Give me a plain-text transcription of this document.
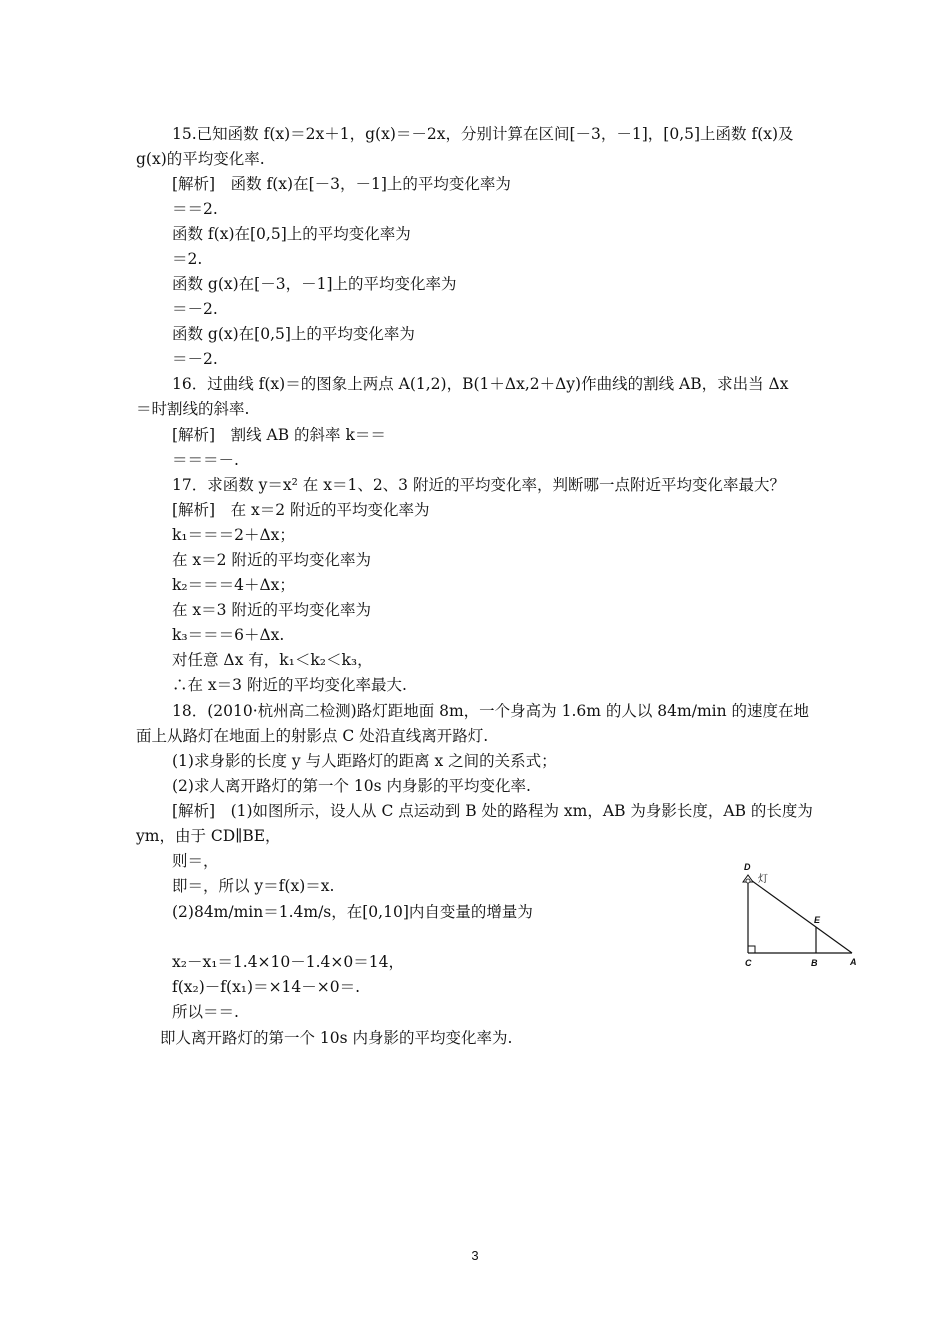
15.已知函数 f(x)＝2x＋1，g(x)＝－2x，分别计算在区间[－3，－1]，[0,5]上函数 f(x)及
g(x)的平均变化率.
[解析]　函数 f(x)在[－3，－1]上的平均变化率为
＝＝2.
函数 f(x)在[0,5]上的平均变化率为
＝2.
函数 g(x)在[－3，－1]上的平均变化率为
＝－2.
函数 g(x)在[0,5]上的平均变化率为
＝－2.
16．过曲线 f(x)＝的图象上两点 A(1,2)，B(1＋Δx,2＋Δy)作曲线的割线 AB，求出当 Δx
＝时割线的斜率.
[解析]　割线 AB 的斜率 k＝＝
＝＝＝－.
17．求函数 y＝x² 在 x＝1、2、3 附近的平均变化率，判断哪一点附近平均变化率最大？
[解析]　在 x＝2 附近的平均变化率为
k₁＝＝＝2＋Δx；
在 x＝2 附近的平均变化率为
k₂＝＝＝4＋Δx；
在 x＝3 附近的平均变化率为
k₃＝＝＝6＋Δx.
对任意 Δx 有，k₁＜k₂＜k₃，
∴在 x＝3 附近的平均变化率最大.
18．(2010·杭州高二检测)路灯距地面 8m，一个身高为 1.6m 的人以 84m/min 的速度在地
面上从路灯在地面上的射影点 C 处沿直线离开路灯.
(1)求身影的长度 y 与人距路灯的距离 x 之间的关系式；
(2)求人离开路灯的第一个 10s 内身影的平均变化率.
[解析]　(1)如图所示，设人从 C 点运动到 B 处的路程为 xm，AB 为身影长度，AB 的长度为
ym，由于 CD∥BE，
则＝，
即＝，所以 y＝f(x)＝x.
(2)84m/min＝1.4m/s，在[0,10]内自变量的增量为
x₂－x₁＝1.4×10－1.4×0＝14，
f(x₂)－f(x₁)＝×14－×0＝.
所以＝＝.
即人离开路灯的第一个 10s 内身影的平均变化率为.
D
灯
E
C	B	A
3
